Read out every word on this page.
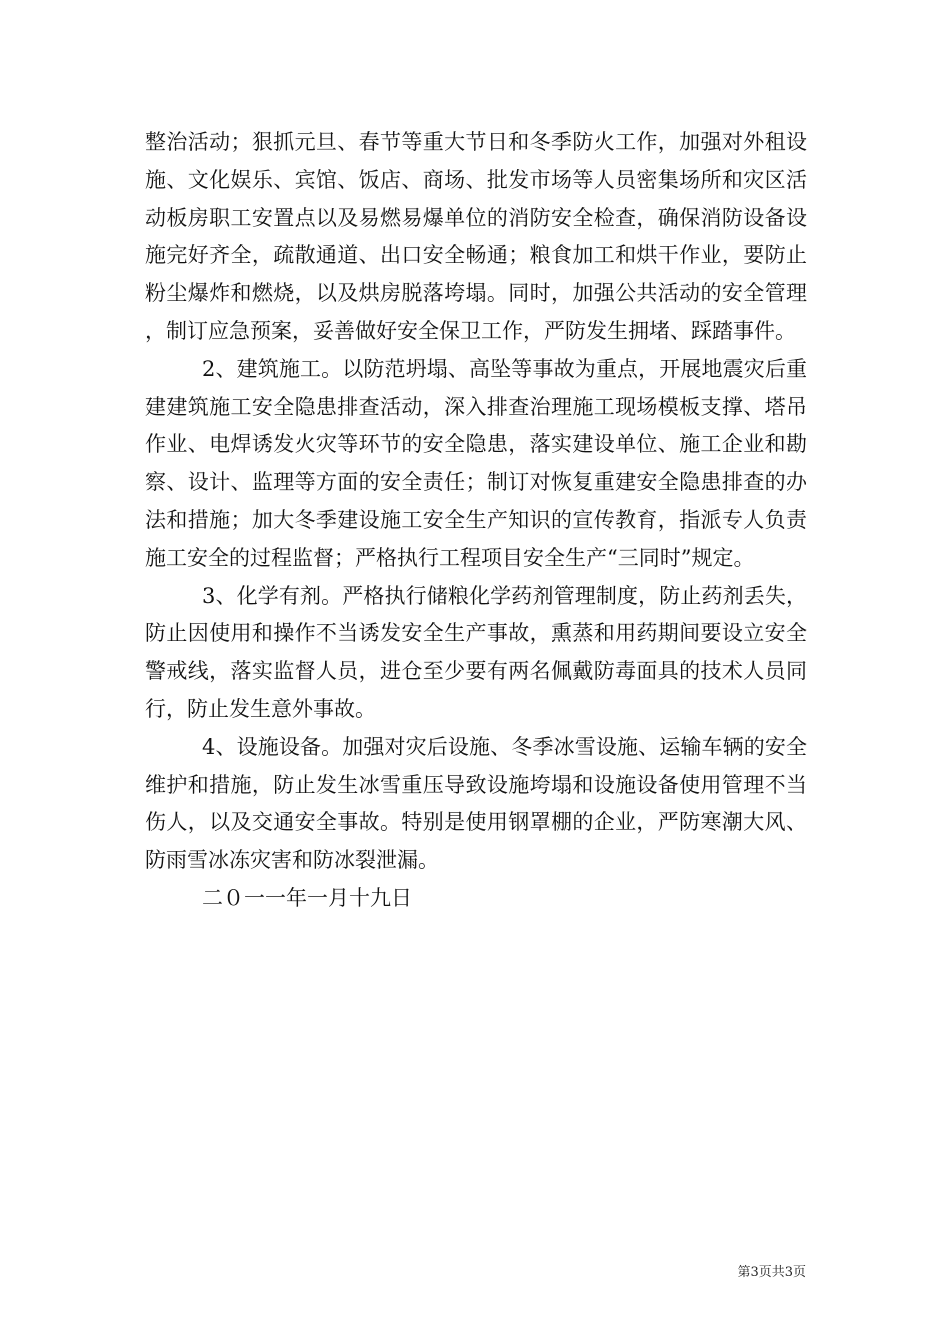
整治活动；狠抓元旦、春节等重大节日和冬季防火工作，加强对外租设施、文化娱乐、宾馆、饭店、商场、批发市场等人员密集场所和灾区活动板房职工安置点以及易燃易爆单位的消防安全检查，确保消防设备设施完好齐全，疏散通道、出口安全畅通；粮食加工和烘干作业，要防止粉尘爆炸和燃烧，以及烘房脱落垮塌。同时，加强公共活动的安全管理，制订应急预案，妥善做好安全保卫工作，严防发生拥堵、踩踏事件。

2、建筑施工。以防范坍塌、高坠等事故为重点，开展地震灾后重建建筑施工安全隐患排查活动，深入排查治理施工现场模板支撑、塔吊作业、电焊诱发火灾等环节的安全隐患，落实建设单位、施工企业和勘察、设计、监理等方面的安全责任；制订对恢复重建安全隐患排查的办法和措施；加大冬季建设施工安全生产知识的宣传教育，指派专人负责施工安全的过程监督；严格执行工程项目安全生产“三同时”规定。

3、化学有剂。严格执行储粮化学药剂管理制度，防止药剂丢失，防止因使用和操作不当诱发安全生产事故，熏蒸和用药期间要设立安全警戒线，落实监督人员，进仓至少要有两名佩戴防毒面具的技术人员同行，防止发生意外事故。

4、设施设备。加强对灾后设施、冬季冰雪设施、运输车辆的安全维护和措施，防止发生冰雪重压导致设施垮塌和设施设备使用管理不当伤人，以及交通安全事故。特别是使用钢罩棚的企业，严防寒潮大风、防雨雪冰冻灾害和防冰裂泄漏。

二０一一年一月十九日

第3页共3页
